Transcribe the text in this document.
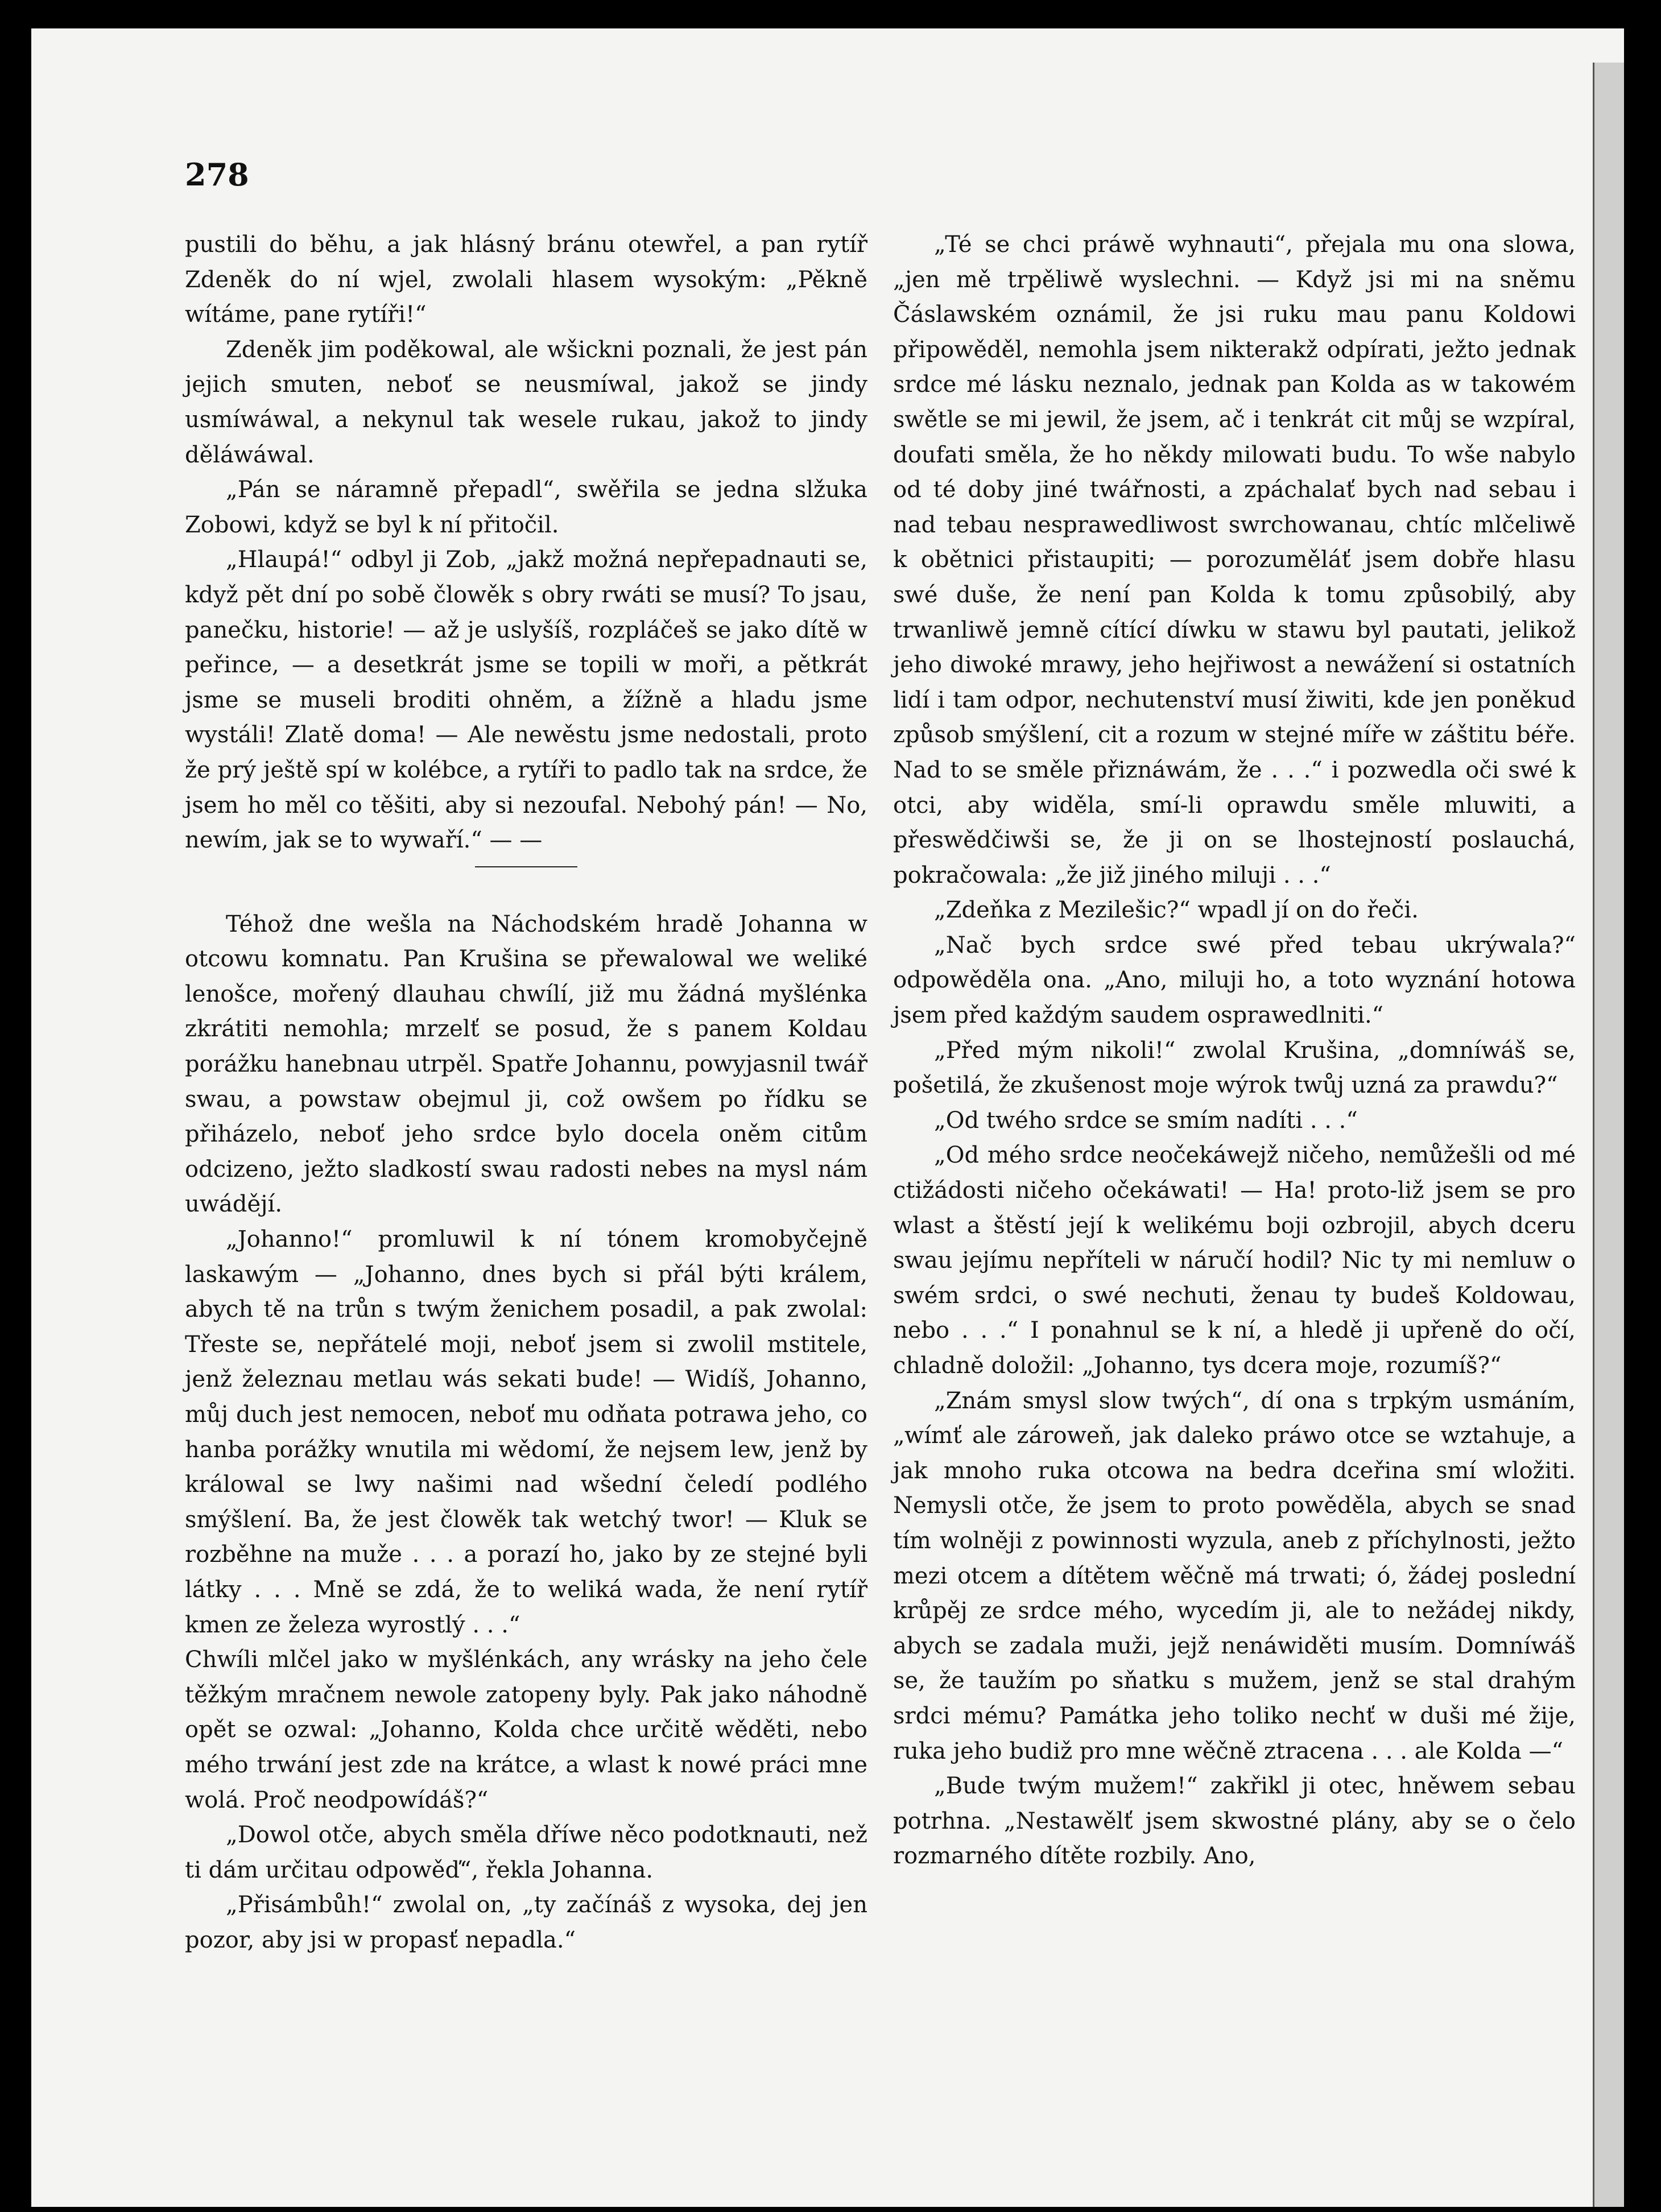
278

pustili do běhu, a jak hlásný bránu otewřel, a pan rytíř Zdeněk do ní wjel, zwolali hlasem wysokým: „Pěkně wítáme, pane rytíři!“

Zdeněk jim poděkowal, ale wšickni poznali, že jest pán jejich smuten, neboť se neusmíwal, jakož se jindy usmíwáwal, a nekynul tak wesele rukau, jakož to jindy děláwáwal.

„Pán se náramně přepadl“, swěřila se jedna slžuka Zobowi, když se byl k ní přitočil.

„Hlaupá!“ odbyl ji Zob, „jakž možná nepřepadnauti se, když pět dní po sobě člowěk s obry rwáti se musí? To jsau, panečku, historie! — až je uslyšíš, rozpláčeš se jako dítě w peřince, — a desetkrát jsme se topili w moři, a pětkrát jsme se museli broditi ohněm, a žížně a hladu jsme wystáli! Zlatě doma! — Ale newěstu jsme nedostali, proto že prý ještě spí w kolébce, a rytíři to padlo tak na srdce, že jsem ho měl co těšiti, aby si nezoufal. Nebohý pán! — No, newím, jak se to wywaří.“ — —

Téhož dne wešla na Náchodském hradě Johanna w otcowu komnatu. Pan Krušina se přewalowal we weliké lenošce, mořený dlauhau chwílí, již mu žádná myšlénka zkrátiti nemohla; mrzelť se posud, že s panem Koldau porážku hanebnau utrpěl. Spatře Johannu, powyjasnil twář swau, a powstaw obejmul ji, což owšem po řídku se přiházelo, neboť jeho srdce bylo docela oněm citům odcizeno, ježto sladkostí swau radosti nebes na mysl nám uwádějí.

„Johanno!“ promluwil k ní tónem kromobyčejně laskawým — „Johanno, dnes bych si přál býti králem, abych tě na trůn s twým ženichem posadil, a pak zwolal: Třeste se, nepřátelé moji, neboť jsem si zwolil mstitele, jenž železnau metlau wás sekati bude! — Widíš, Johanno, můj duch jest nemocen, neboť mu odňata potrawa jeho, co hanba porážky wnutila mi wědomí, že nejsem lew, jenž by králowal se lwy našimi nad wšední čeledí podlého smýšlení. Ba, že jest člowěk tak wetchý twor! — Kluk se rozběhne na muže . . . a porazí ho, jako by ze stejné byli látky . . . Mně se zdá, že to weliká wada, že není rytíř kmen ze železa wyrostlý . . .“

Chwíli mlčel jako w myšlénkách, any wrásky na jeho čele těžkým mračnem newole zatopeny byly. Pak jako náhodně opět se ozwal: „Johanno, Kolda chce určitě wěděti, nebo mého trwání jest zde na krátce, a wlast k nowé práci mne wolá. Proč neodpowídáš?“

„Dowol otče, abych směla dříwe něco podotknauti, než ti dám určitau odpowěď“, řekla Johanna.

„Přisámbůh!“ zwolal on, „ty začínáš z wysoka, dej jen pozor, aby jsi w propasť nepadla.“

„Té se chci práwě wyhnauti“, přejala mu ona slowa, „jen mě trpěliwě wyslechni. — Když jsi mi na sněmu Čáslawském oznámil, že jsi ruku mau panu Koldowi připowěděl, nemohla jsem nikterakž odpírati, ježto jednak srdce mé lásku neznalo, jednak pan Kolda as w takowém swětle se mi jewil, že jsem, ač i tenkrát cit můj se wzpíral, doufati směla, že ho někdy milowati budu. To wše nabylo od té doby jiné twářnosti, a zpáchalať bych nad sebau i nad tebau nesprawedliwost swrchowanau, chtíc mlčeliwě k obětnici přistaupiti; — porozuměláť jsem dobře hlasu swé duše, že není pan Kolda k tomu způsobilý, aby trwanliwě jemně cítící díwku w stawu byl pautati, jelikož jeho diwoké mrawy, jeho hejřiwost a newážení si ostatních lidí i tam odpor, nechutenství musí žiwiti, kde jen poněkud způsob smýšlení, cit a rozum w stejné míře w záštitu béře. Nad to se směle přiznáwám, že . . .“ i pozwedla oči swé k otci, aby widěla, smí-li oprawdu směle mluwiti, a přeswědčiwši se, že ji on se lhostejností poslauchá, pokračowala: „že již jiného miluji . . .“

„Zdeňka z Mezilešic?“ wpadl jí on do řeči.

„Nač bych srdce swé před tebau ukrýwala?“ odpowěděla ona. „Ano, miluji ho, a toto wyznání hotowa jsem před každým saudem osprawedlniti.“

„Před mým nikoli!“ zwolal Krušina, „domníwáš se, pošetilá, že zkušenost moje wýrok twůj uzná za prawdu?“

„Od twého srdce se smím nadíti . . .“

„Od mého srdce neočekáwejž ničeho, nemůžešli od mé ctižádosti ničeho očekáwati! — Ha! proto-liž jsem se pro wlast a štěstí její k welikému boji ozbrojil, abych dceru swau jejímu nepříteli w náručí hodil? Nic ty mi nemluw o swém srdci, o swé nechuti, ženau ty budeš Koldowau, nebo . . .“ I ponahnul se k ní, a hledě ji upřeně do očí, chladně doložil: „Johanno, tys dcera moje, rozumíš?“

„Znám smysl slow twých“, dí ona s trpkým usmáním, „wímť ale zároweň, jak daleko práwo otce se wztahuje, a jak mnoho ruka otcowa na bedra dceřina smí wložiti. Nemysli otče, že jsem to proto powěděla, abych se snad tím wolněji z powinnosti wyzula, aneb z příchylnosti, ježto mezi otcem a dítětem wěčně má trwati; ó, žádej poslední krůpěj ze srdce mého, wycedím ji, ale to nežádej nikdy, abych se zadala muži, jejž nenáwiděti musím. Domníwáš se, že taužím po sňatku s mužem, jenž se stal drahým srdci mému? Památka jeho toliko nechť w duši mé žije, ruka jeho budiž pro mne wěčně ztracena . . . ale Kolda —“

„Bude twým mužem!“ zakřikl ji otec, hněwem sebau potrhna. „Nestawělť jsem skwostné plány, aby se o čelo rozmarného dítěte rozbily. Ano,
